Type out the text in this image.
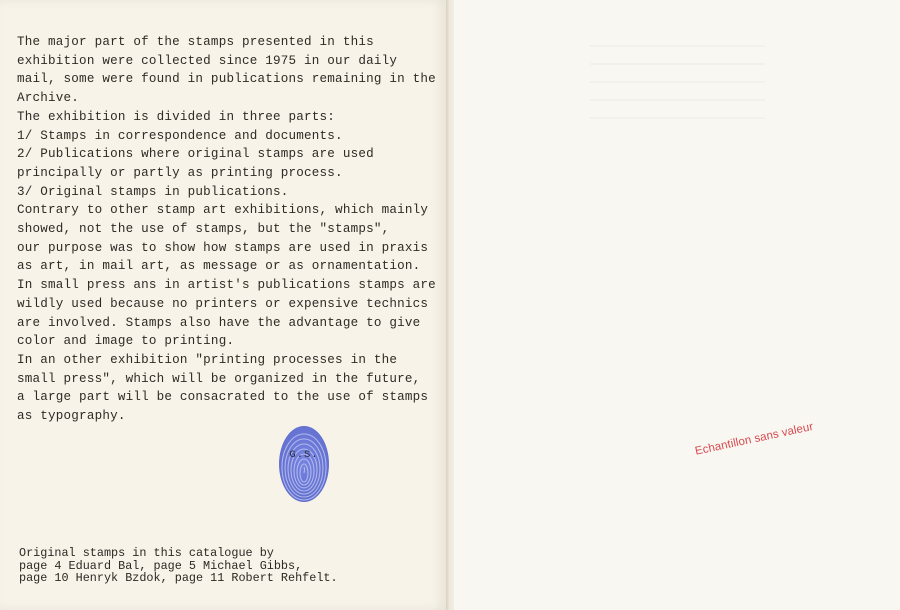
The major part of the stamps presented in this
exhibition were collected since 1975 in our daily
mail, some were found in publications remaining in the
Archive.
The exhibition is divided in three parts:
1/ Stamps in correspondence and documents.
2/ Publications where original stamps are used
principally or partly as printing process.
3/ Original stamps in publications.
Contrary to other stamp art exhibitions, which mainly
showed, not the use of stamps, but the "stamps",
our purpose was to show how stamps are used in praxis
as art, in mail art, as message or as ornamentation.
In small press ans in artist's publications stamps are
wildly used because no printers or expensive technics
are involved. Stamps also have the advantage to give
color and image to printing.
In an other exhibition "printing processes in the
small press", which will be organized in the future,
a large part will be consacrated to the use of stamps
as typography.
G.S.
Original stamps in this catalogue by
page 4 Eduard Bal, page 5 Michael Gibbs,
page 10 Henryk Bzdok, page 11 Robert Rehfelt.
Echantillon sans valeur
